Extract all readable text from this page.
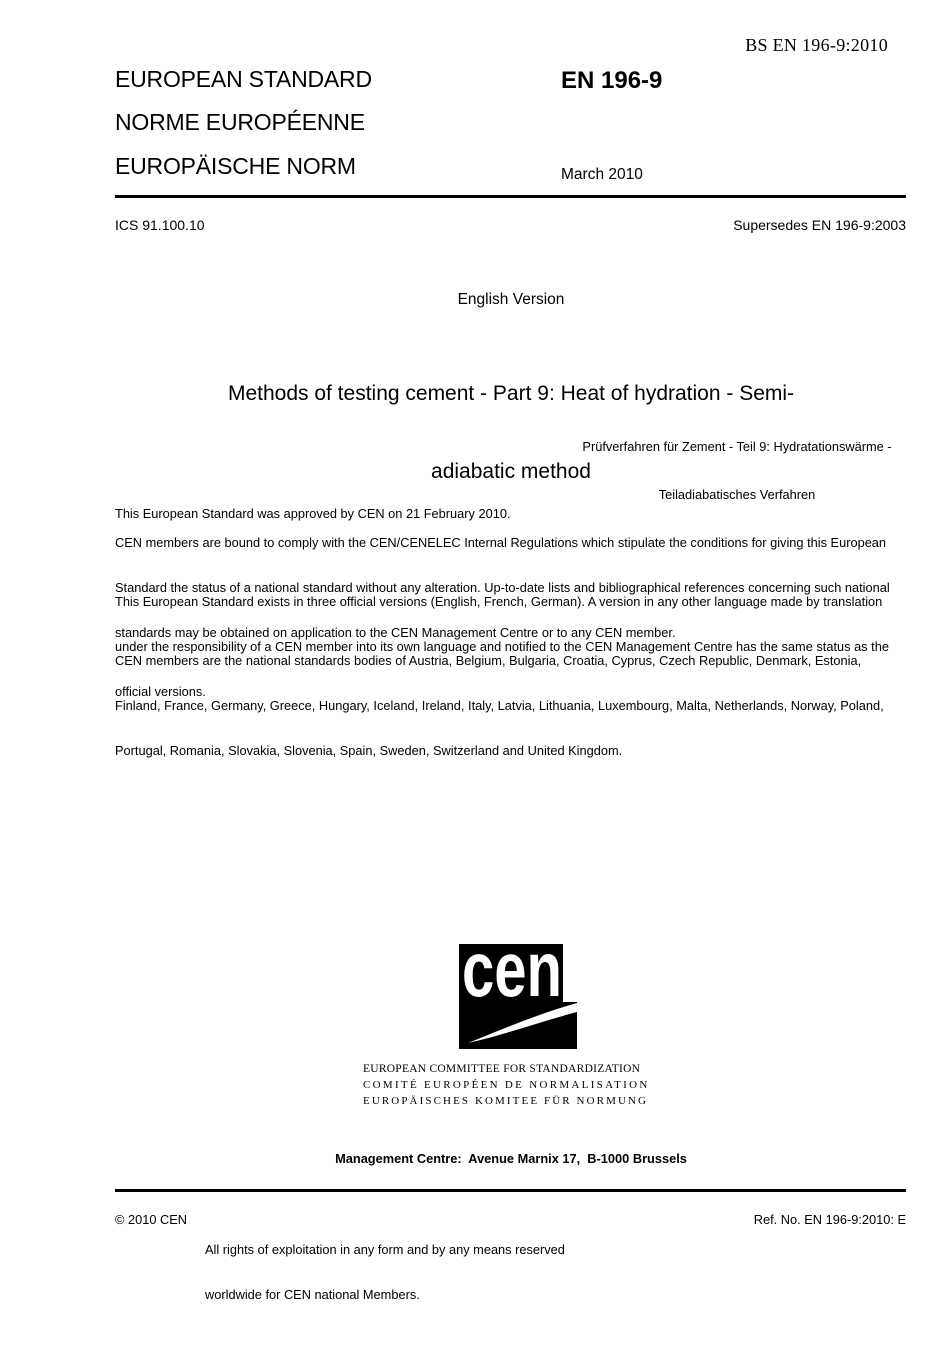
BS EN 196-9:2010
EUROPEAN STANDARD
NORME EUROPÉENNE
EUROPÄISCHE NORM
EN 196-9
March 2010
ICS 91.100.10	Supersedes EN 196-9:2003
English Version

Methods of testing cement - Part 9: Heat of hydration - Semi-

adiabatic method

Prüfverfahren für Zement - Teil 9: Hydratationswärme -

Teiladiabatisches Verfahren

This European Standard was approved by CEN on 21 February 2010.

CEN members are bound to comply with the CEN/CENELEC Internal Regulations which stipulate the conditions for giving this European

Standard the status of a national standard without any alteration. Up-to-date lists and bibliographical references concerning such national

standards may be obtained on application to the CEN Management Centre or to any CEN member.

This European Standard exists in three official versions (English, French, German). A version in any other language made by translation

under the responsibility of a CEN member into its own language and notified to the CEN Management Centre has the same status as the

official versions.

CEN members are the national standards bodies of Austria, Belgium, Bulgaria, Croatia, Cyprus, Czech Republic, Denmark, Estonia,

Finland, France, Germany, Greece, Hungary, Iceland, Ireland, Italy, Latvia, Lithuania, Luxembourg, Malta, Netherlands, Norway, Poland,

Portugal, Romania, Slovakia, Slovenia, Spain, Sweden, Switzerland and United Kingdom.

cen
EUROPEAN COMMITTEE FOR STANDARDIZATION
COMITÉ EUROPÉEN DE NORMALISATION
EUROPÄISCHES KOMITEE FÜR NORMUNG
Management Centre:  Avenue Marnix 17,  B-1000 Brussels
© 2010 CEN

All rights of exploitation in any form and by any means reserved

worldwide for CEN national Members.

Ref. No. EN 196-9:2010: E
